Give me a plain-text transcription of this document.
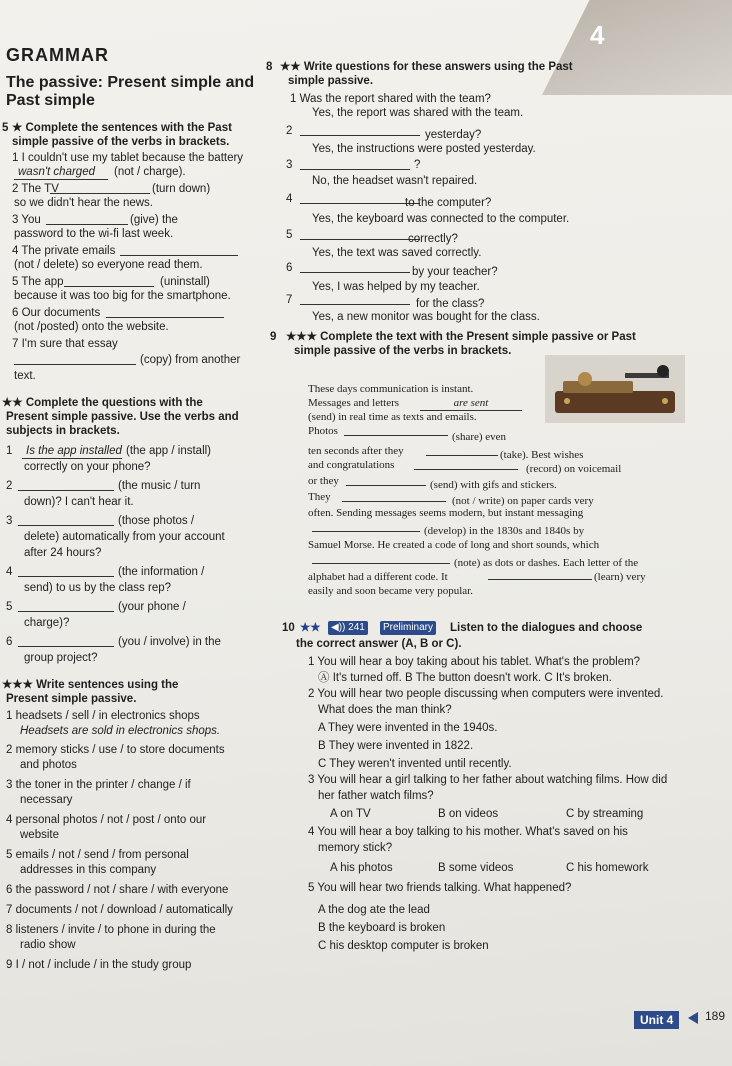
4
GRAMMAR
The passive: Present simple and
Past simple
5 ★ Complete the sentences with the Past
simple passive of the verbs in brackets.
1 I couldn't use my tablet because the battery
wasn't charged	(not / charge).
2 The TV	(turn down)
so we didn't hear the news.
3 You	(give) the
password to the wi-fi last week.
4 The private emails
(not / delete) so everyone read them.
5 The app	(uninstall)
because it was too big for the smartphone.
6 Our documents
(not /posted) onto the website.
7 I'm sure that essay
(copy) from another
text.
★★ Complete the questions with the
Present simple passive. Use the verbs and
subjects in brackets.
1	Is the app installed (the app / install)
correctly on your phone?
2	(the music / turn
down)? I can't hear it.
3	(those photos /
delete) automatically from your account
after 24 hours?
4	(the information /
send) to us by the class rep?
5	(your phone /
charge)?
6	(you / involve) in the
group project?
★★★ Write sentences using the
Present simple passive.
1 headsets / sell / in electronics shops
Headsets are sold in electronics shops.
2 memory sticks / use / to store documents
and photos
3 the toner in the printer / change / if
necessary
4 personal photos / not / post / onto our
website
5 emails / not / send / from personal
addresses in this company
6 the password / not / share / with everyone
7 documents / not / download / automatically
8 listeners / invite / to phone in during the
radio show
9 I / not / include / in the study group
8 ★★ Write questions for these answers using the Past
simple passive.
1 Was the report shared with the team?
Yes, the report was shared with the team.
2	yesterday?
Yes, the instructions were posted yesterday.
3	?
No, the headset wasn't repaired.
4	to the computer?
Yes, the keyboard was connected to the computer.
5	correctly?
Yes, the text was saved correctly.
6	by your teacher?
Yes, I was helped by my teacher.
7	for the class?
Yes, a new monitor was bought for the class.
9 ★★★ Complete the text with the Present simple passive or Past
simple passive of the verbs in brackets.
These days communication is instant.
Messages and letters	are sent
(send) in real time as texts and emails.
Photos	(share) even
ten seconds after they	(take). Best wishes
and congratulations	(record) on voicemail
or they	(send) with gifs and stickers.
They	(not / write) on paper cards very
often. Sending messages seems modern, but instant messaging
(develop) in the 1830s and 1840s by
Samuel Morse. He created a code of long and short sounds, which
(note) as dots or dashes. Each letter of the
alphabet had a different code. It	(learn) very
easily and soon became very popular.
10 ★★	◀)) 241	Preliminary Listen to the dialogues and choose
the correct answer (A, B or C).
1 You will hear a boy taking about his tablet. What's the problem?
Ⓐ It's turned off. B The button doesn't work. C It's broken.
2 You will hear two people discussing when computers were invented.
What does the man think?
A They were invented in the 1940s.
B They were invented in 1822.
C They weren't invented until recently.
3 You will hear a girl talking to her father about watching films. How did
her father watch films?
A on TV	B on videos	C by streaming
4 You will hear a boy talking to his mother. What's saved on his
memory stick?
A his photos	B some videos	C his homework
5 You will hear two friends talking. What happened?
A the dog ate the lead
B the keyboard is broken
C his desktop computer is broken
Unit 4	189
